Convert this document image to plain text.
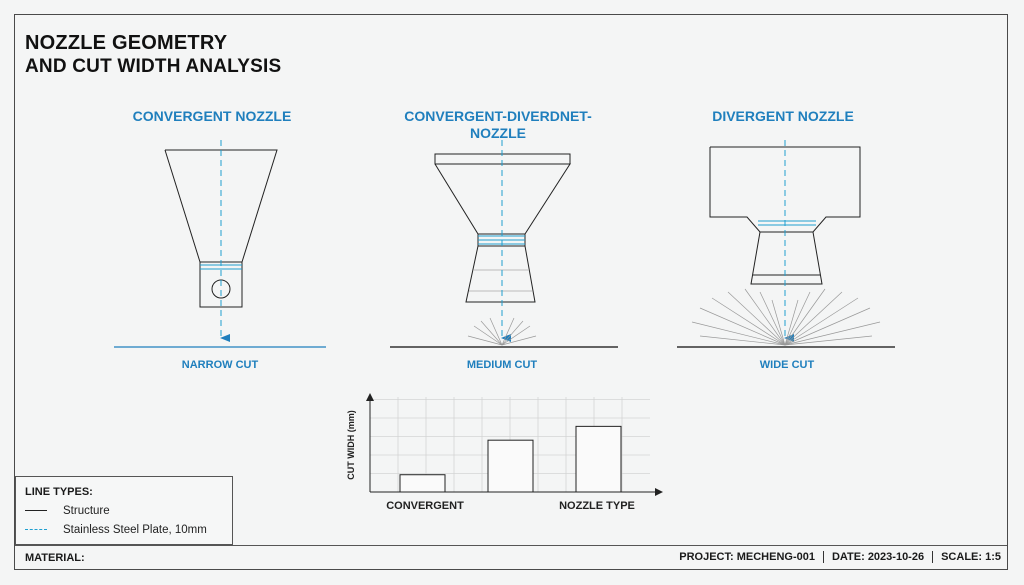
NOZZLE GEOMETRY
AND CUT WIDTH ANALYSIS
CONVERGENT NOZZLE	CONVERGENT-DIVERDNET-
NOZZLE
DIVERGENT NOZZLE
CUT WIDH (mm)
CONVERGENT	NOZZLE TYPE
NARROW CUT	MEDIUM CUT	WIDE CUT
LINE TYPES:
Structure
Stainless Steel Plate, 10mm
MATERIAL:	PROJECT: MECHENG-001 DATE: 2023-10-26 SCALE: 1:5
